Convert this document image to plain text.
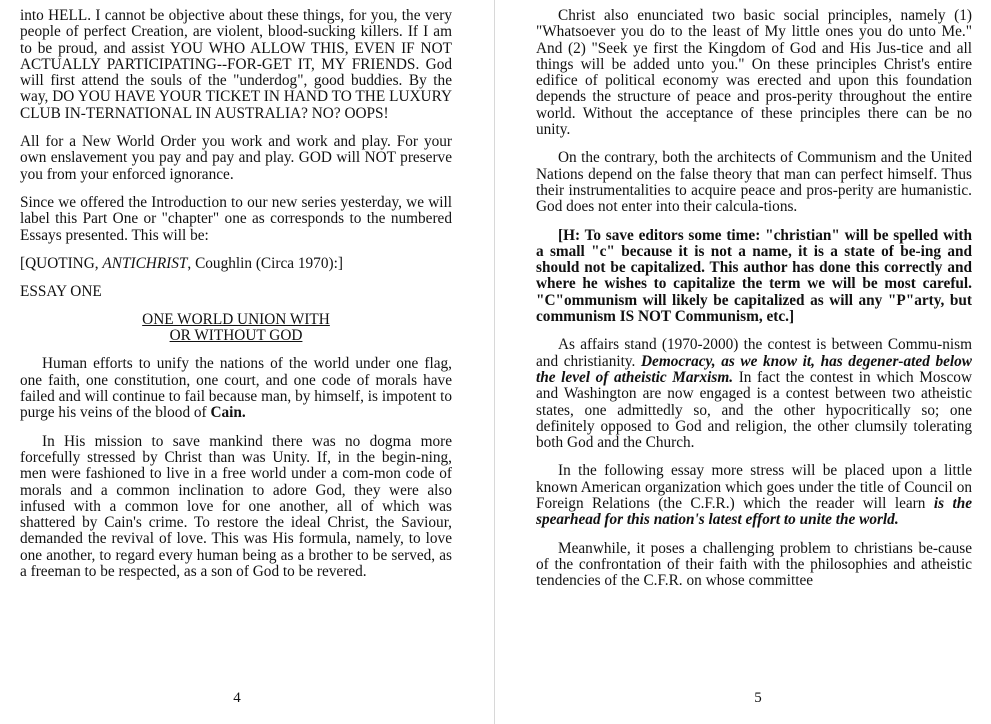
into HELL. I cannot be objective about these things, for you, the very people of perfect Creation, are violent, blood-sucking killers. If I am to be proud, and assist YOU WHO ALLOW THIS, EVEN IF NOT ACTUALLY PARTICIPATING--FOR-GET IT, MY FRIENDS. God will first attend the souls of the "underdog", good buddies. By the way, DO YOU HAVE YOUR TICKET IN HAND TO THE LUXURY CLUB IN-TERNATIONAL IN AUSTRALIA? NO? OOPS!

All for a New World Order you work and work and play. For your own enslavement you pay and pay and play. GOD will NOT preserve you from your enforced ignorance.

Since we offered the Introduction to our new series yesterday, we will label this Part One or "chapter" one as corresponds to the numbered Essays presented. This will be:

[QUOTING, ANTICHRIST, Coughlin (Circa 1970):]

ESSAY ONE

ONE WORLD UNION WITH
OR WITHOUT GOD

Human efforts to unify the nations of the world under one flag, one faith, one constitution, one court, and one code of morals have failed and will continue to fail because man, by himself, is impotent to purge his veins of the blood of Cain.

In His mission to save mankind there was no dogma more forcefully stressed by Christ than was Unity. If, in the begin-ning, men were fashioned to live in a free world under a com-mon code of morals and a common inclination to adore God, they were also infused with a common love for one another, all of which was shattered by Cain's crime. To restore the ideal Christ, the Saviour, demanded the revival of love. This was His formula, namely, to love one another, to regard every human being as a brother to be served, as a freeman to be respected, as a son of God to be revered.

4

Christ also enunciated two basic social principles, namely (1) "Whatsoever you do to the least of My little ones you do unto Me." And (2) "Seek ye first the Kingdom of God and His Jus-tice and all things will be added unto you." On these principles Christ's entire edifice of political economy was erected and upon this foundation depends the structure of peace and pros-perity throughout the entire world. Without the acceptance of these principles there can be no unity.

On the contrary, both the architects of Communism and the United Nations depend on the false theory that man can perfect himself. Thus their instrumentalities to acquire peace and pros-perity are humanistic. God does not enter into their calcula-tions.

[H: To save editors some time: "christian" will be spelled with a small "c" because it is not a name, it is a state of be-ing and should not be capitalized. This author has done this correctly and where he wishes to capitalize the term we will be most careful. "C"ommunism will likely be capitalized as will any "P"arty, but communism IS NOT Communism, etc.]

As affairs stand (1970-2000) the contest is between Commu-nism and christianity. Democracy, as we know it, has degener-ated below the level of atheistic Marxism. In fact the contest in which Moscow and Washington are now engaged is a contest between two atheistic states, one admittedly so, and the other hypocritically so; one definitely opposed to God and religion, the other clumsily tolerating both God and the Church.

In the following essay more stress will be placed upon a little known American organization which goes under the title of Council on Foreign Relations (the C.F.R.) which the reader will learn is the spearhead for this nation's latest effort to unite the world.

Meanwhile, it poses a challenging problem to christians be-cause of the confrontation of their faith with the philosophies and atheistic tendencies of the C.F.R. on whose committee

5
